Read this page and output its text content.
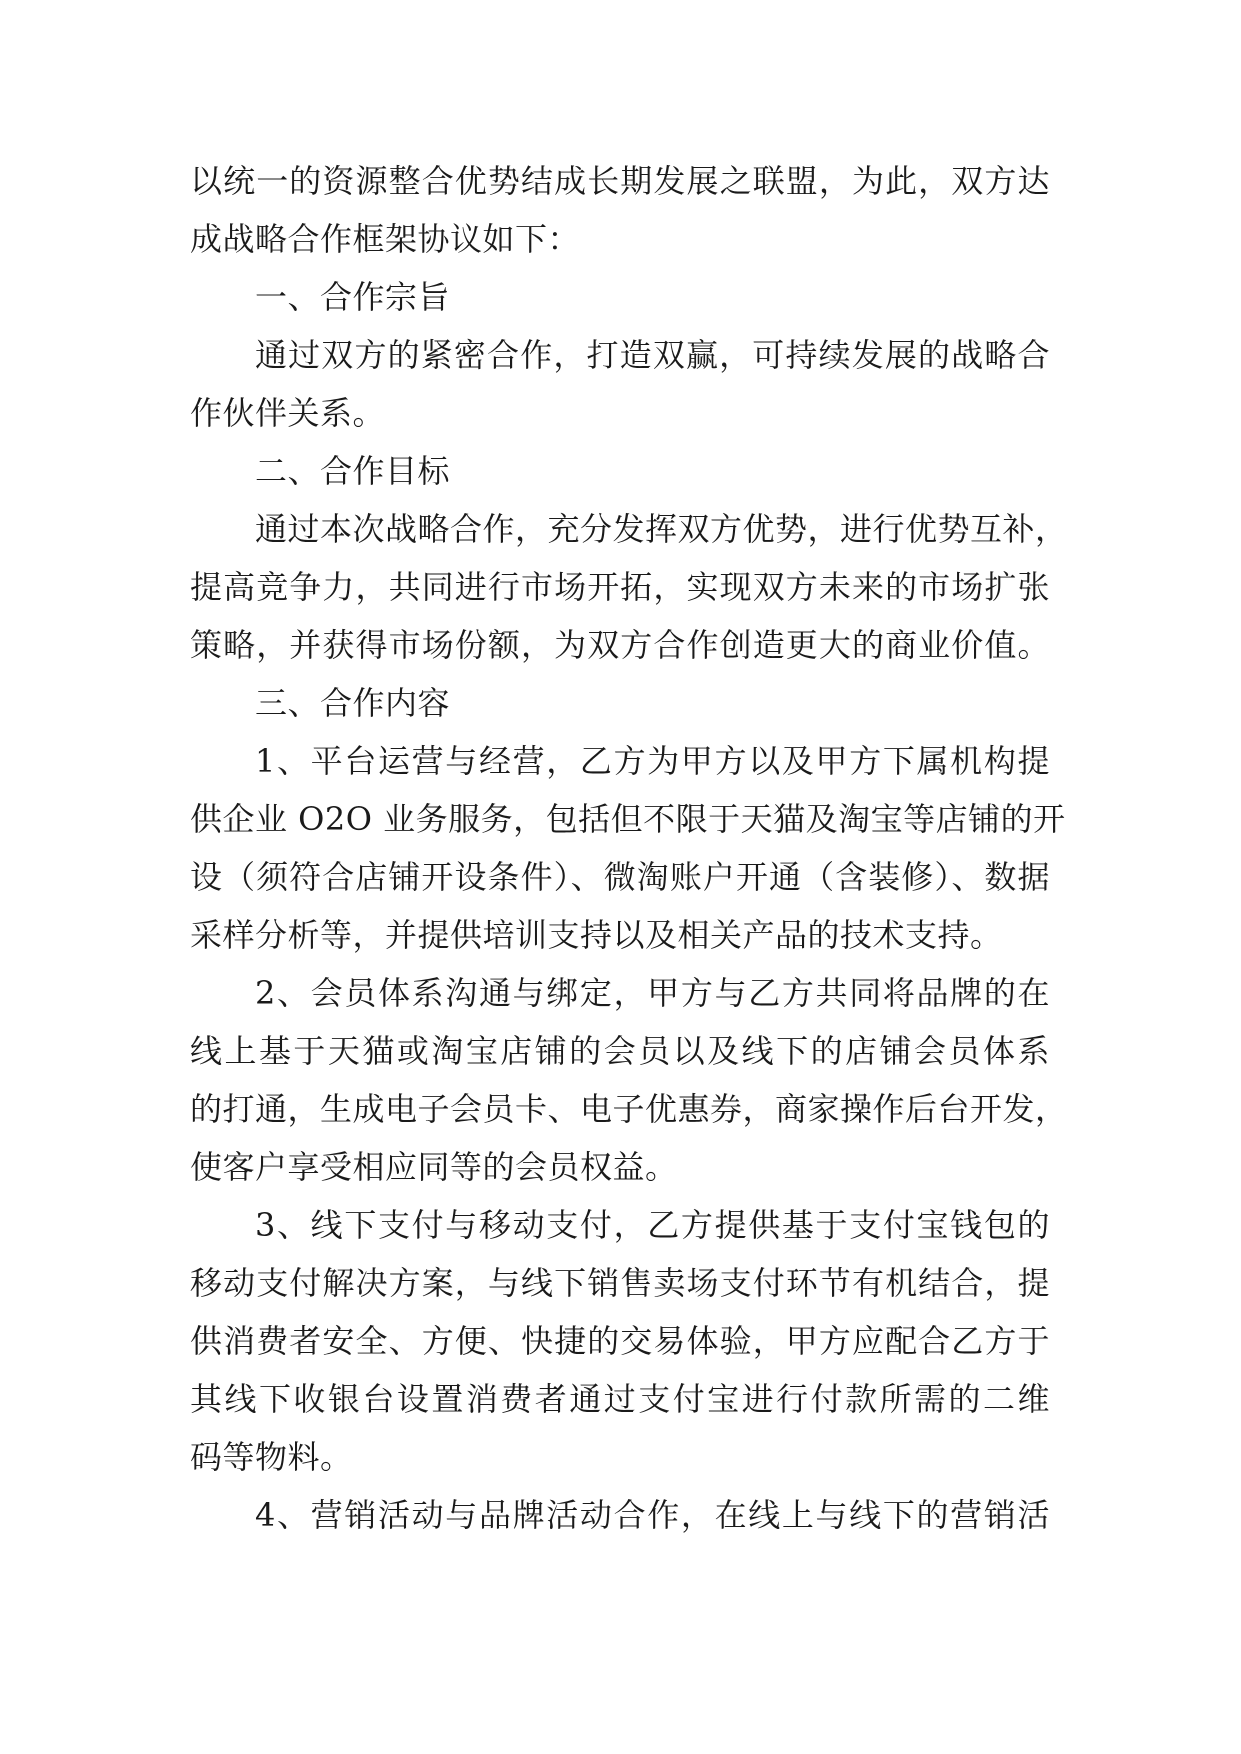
以统一的资源整合优势结成长期发展之联盟，为此，双方达
成战略合作框架协议如下：
一、合作宗旨
通过双方的紧密合作，打造双赢，可持续发展的战略合
作伙伴关系。
二、合作目标
通过本次战略合作，充分发挥双方优势，进行优势互补，
提高竞争力，共同进行市场开拓，实现双方未来的市场扩张
策略，并获得市场份额，为双方合作创造更大的商业价值。
三、合作内容
1、平台运营与经营，乙方为甲方以及甲方下属机构提
供企业 O2O 业务服务，包括但不限于天猫及淘宝等店铺的开
设（须符合店铺开设条件）、微淘账户开通（含装修）、数据
采样分析等，并提供培训支持以及相关产品的技术支持。
2、会员体系沟通与绑定，甲方与乙方共同将品牌的在
线上基于天猫或淘宝店铺的会员以及线下的店铺会员体系
的打通，生成电子会员卡、电子优惠券，商家操作后台开发，
使客户享受相应同等的会员权益。
3、线下支付与移动支付，乙方提供基于支付宝钱包的
移动支付解决方案，与线下销售卖场支付环节有机结合，提
供消费者安全、方便、快捷的交易体验，甲方应配合乙方于
其线下收银台设置消费者通过支付宝进行付款所需的二维
码等物料。
4、营销活动与品牌活动合作，在线上与线下的营销活
